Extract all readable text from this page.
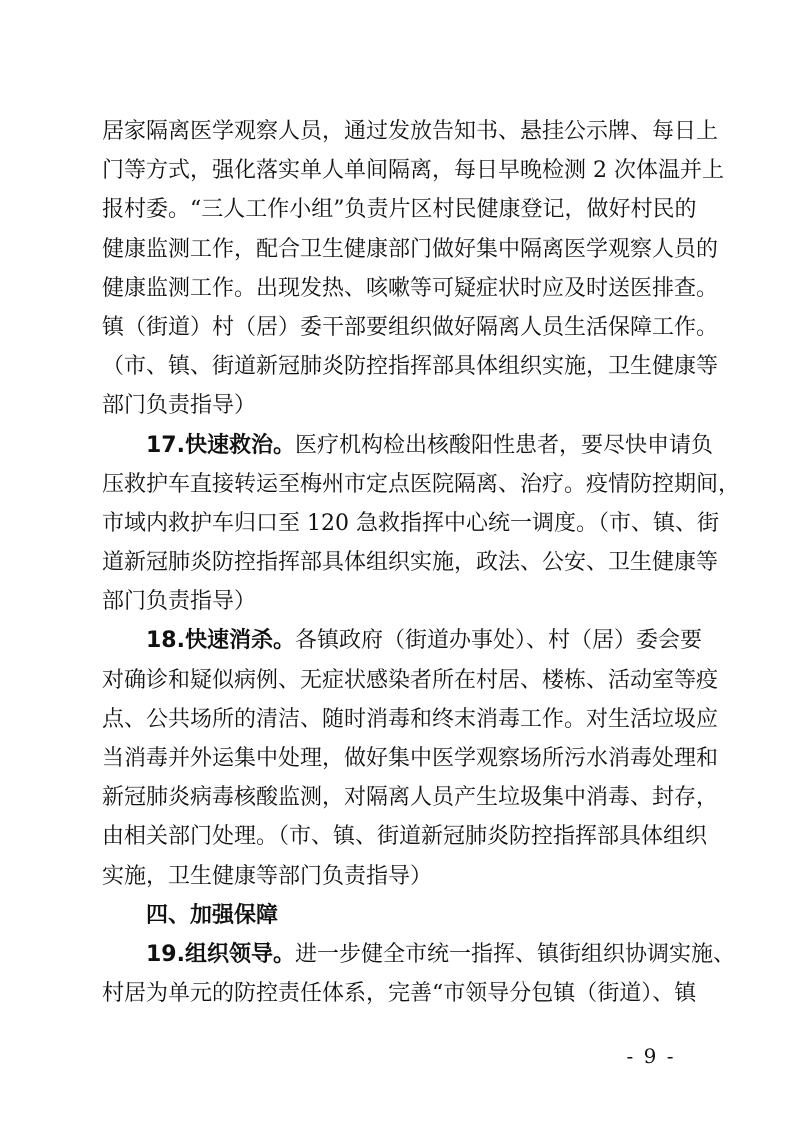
居家隔离医学观察人员，通过发放告知书、悬挂公示牌、每日上
门等方式，强化落实单人单间隔离，每日早晚检测 2 次体温并上
报村委。“三人工作小组”负责片区村民健康登记，做好村民的
健康监测工作，配合卫生健康部门做好集中隔离医学观察人员的
健康监测工作。出现发热、咳嗽等可疑症状时应及时送医排查。
镇（街道）村（居）委干部要组织做好隔离人员生活保障工作。
（市、镇、街道新冠肺炎防控指挥部具体组织实施，卫生健康等
部门负责指导）
17.快速救治。医疗机构检出核酸阳性患者，要尽快申请负
压救护车直接转运至梅州市定点医院隔离、治疗。疫情防控期间，
市域内救护车归口至 120 急救指挥中心统一调度。（市、镇、街
道新冠肺炎防控指挥部具体组织实施，政法、公安、卫生健康等
部门负责指导）
18.快速消杀。各镇政府（街道办事处）、村（居）委会要
对确诊和疑似病例、无症状感染者所在村居、楼栋、活动室等疫
点、公共场所的清洁、随时消毒和终末消毒工作。对生活垃圾应
当消毒并外运集中处理，做好集中医学观察场所污水消毒处理和
新冠肺炎病毒核酸监测，对隔离人员产生垃圾集中消毒、封存，
由相关部门处理。（市、镇、街道新冠肺炎防控指挥部具体组织
实施，卫生健康等部门负责指导）
四、加强保障
19.组织领导。进一步健全市统一指挥、镇街组织协调实施、
村居为单元的防控责任体系，完善“市领导分包镇（街道）、镇
- 9 -
